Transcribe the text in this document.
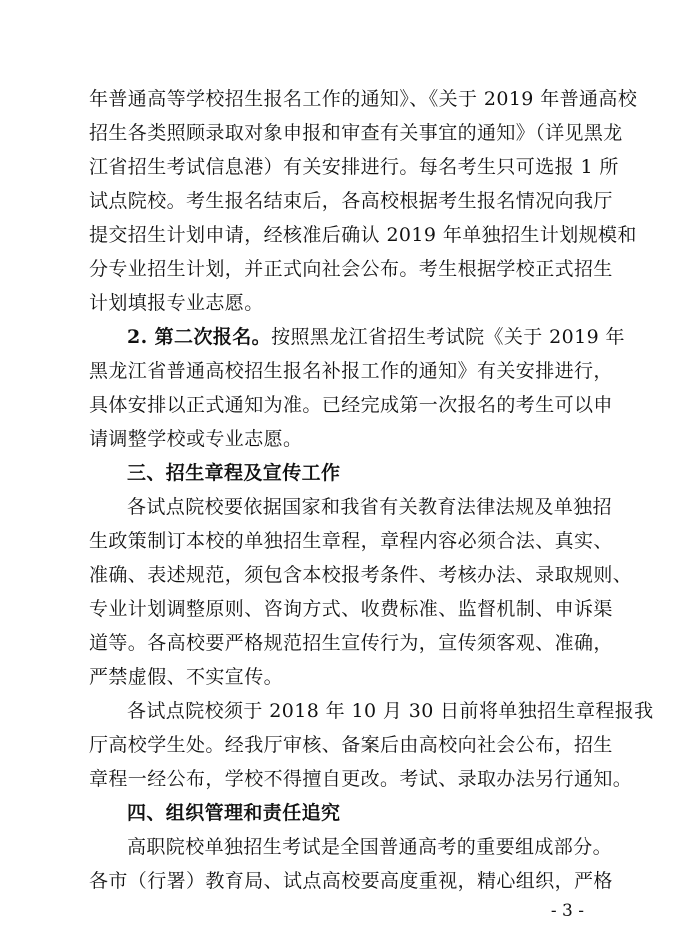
年普通高等学校招生报名工作的通知》、《关于 2019 年普通高校
招生各类照顾录取对象申报和审查有关事宜的通知》（详见黑龙
江省招生考试信息港）有关安排进行。每名考生只可选报 1 所
试点院校。考生报名结束后，各高校根据考生报名情况向我厅
提交招生计划申请，经核准后确认 2019 年单独招生计划规模和
分专业招生计划，并正式向社会公布。考生根据学校正式招生
计划填报专业志愿。
2. 第二次报名。按照黑龙江省招生考试院《关于 2019 年
黑龙江省普通高校招生报名补报工作的通知》有关安排进行，
具体安排以正式通知为准。已经完成第一次报名的考生可以申
请调整学校或专业志愿。
三、招生章程及宣传工作
各试点院校要依据国家和我省有关教育法律法规及单独招
生政策制订本校的单独招生章程，章程内容必须合法、真实、
准确、表述规范，须包含本校报考条件、考核办法、录取规则、
专业计划调整原则、咨询方式、收费标准、监督机制、申诉渠
道等。各高校要严格规范招生宣传行为，宣传须客观、准确，
严禁虚假、不实宣传。
各试点院校须于 2018 年 10 月 30 日前将单独招生章程报我
厅高校学生处。经我厅审核、备案后由高校向社会公布，招生
章程一经公布，学校不得擅自更改。考试、录取办法另行通知。
四、组织管理和责任追究
高职院校单独招生考试是全国普通高考的重要组成部分。
各市（行署）教育局、试点高校要高度重视，精心组织，严格
- 3 -
